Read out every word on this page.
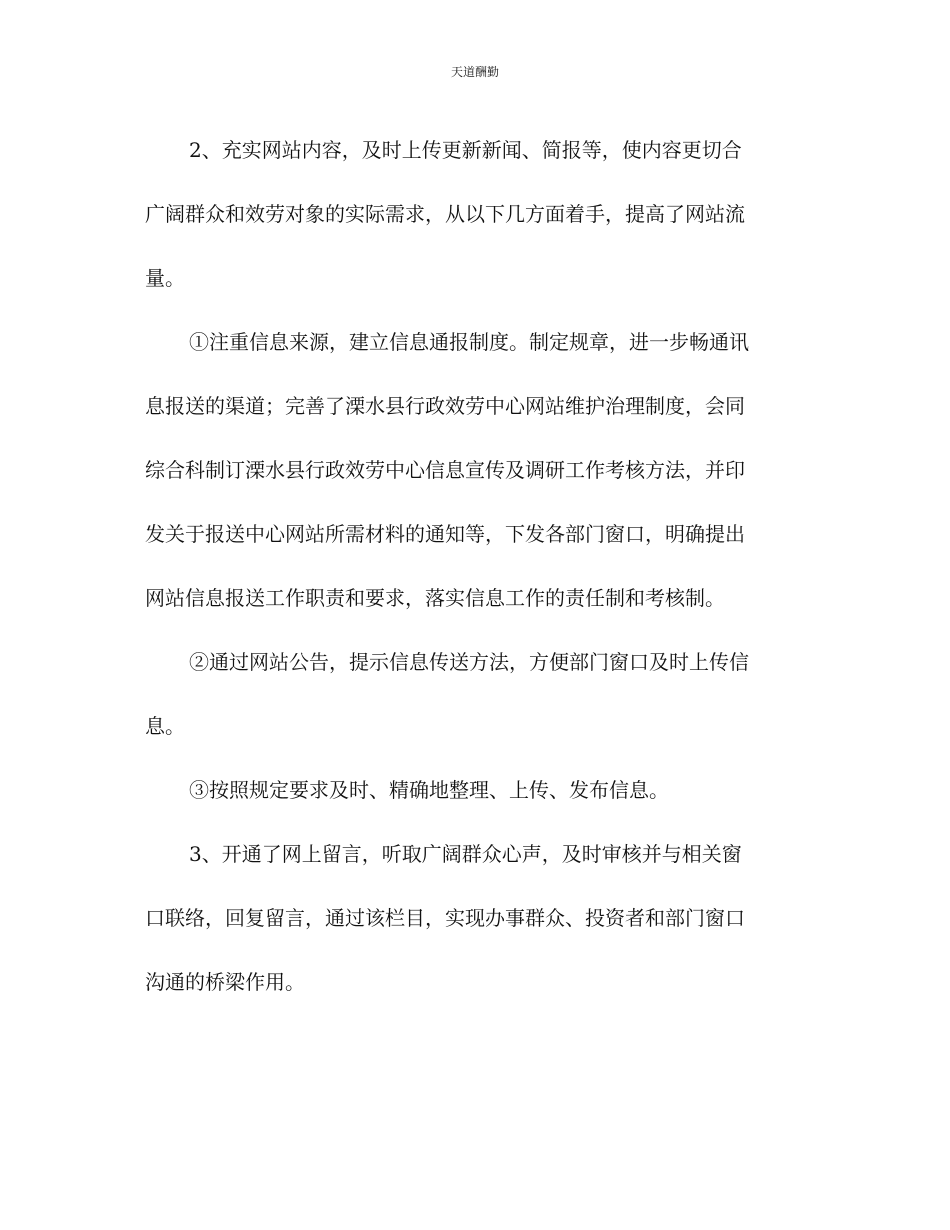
天道酬勤
2、充实网站内容，及时上传更新新闻、简报等，使内容更切合
广阔群众和效劳对象的实际需求，从以下几方面着手，提高了网站流
量。
①注重信息来源，建立信息通报制度。制定规章，进一步畅通讯
息报送的渠道；完善了溧水县行政效劳中心网站维护治理制度，会同
综合科制订溧水县行政效劳中心信息宣传及调研工作考核方法，并印
发关于报送中心网站所需材料的通知等，下发各部门窗口，明确提出
网站信息报送工作职责和要求，落实信息工作的责任制和考核制。
②通过网站公告，提示信息传送方法，方便部门窗口及时上传信
息。
③按照规定要求及时、精确地整理、上传、发布信息。
3、开通了网上留言，听取广阔群众心声，及时审核并与相关窗
口联络，回复留言，通过该栏目，实现办事群众、投资者和部门窗口
沟通的桥梁作用。
